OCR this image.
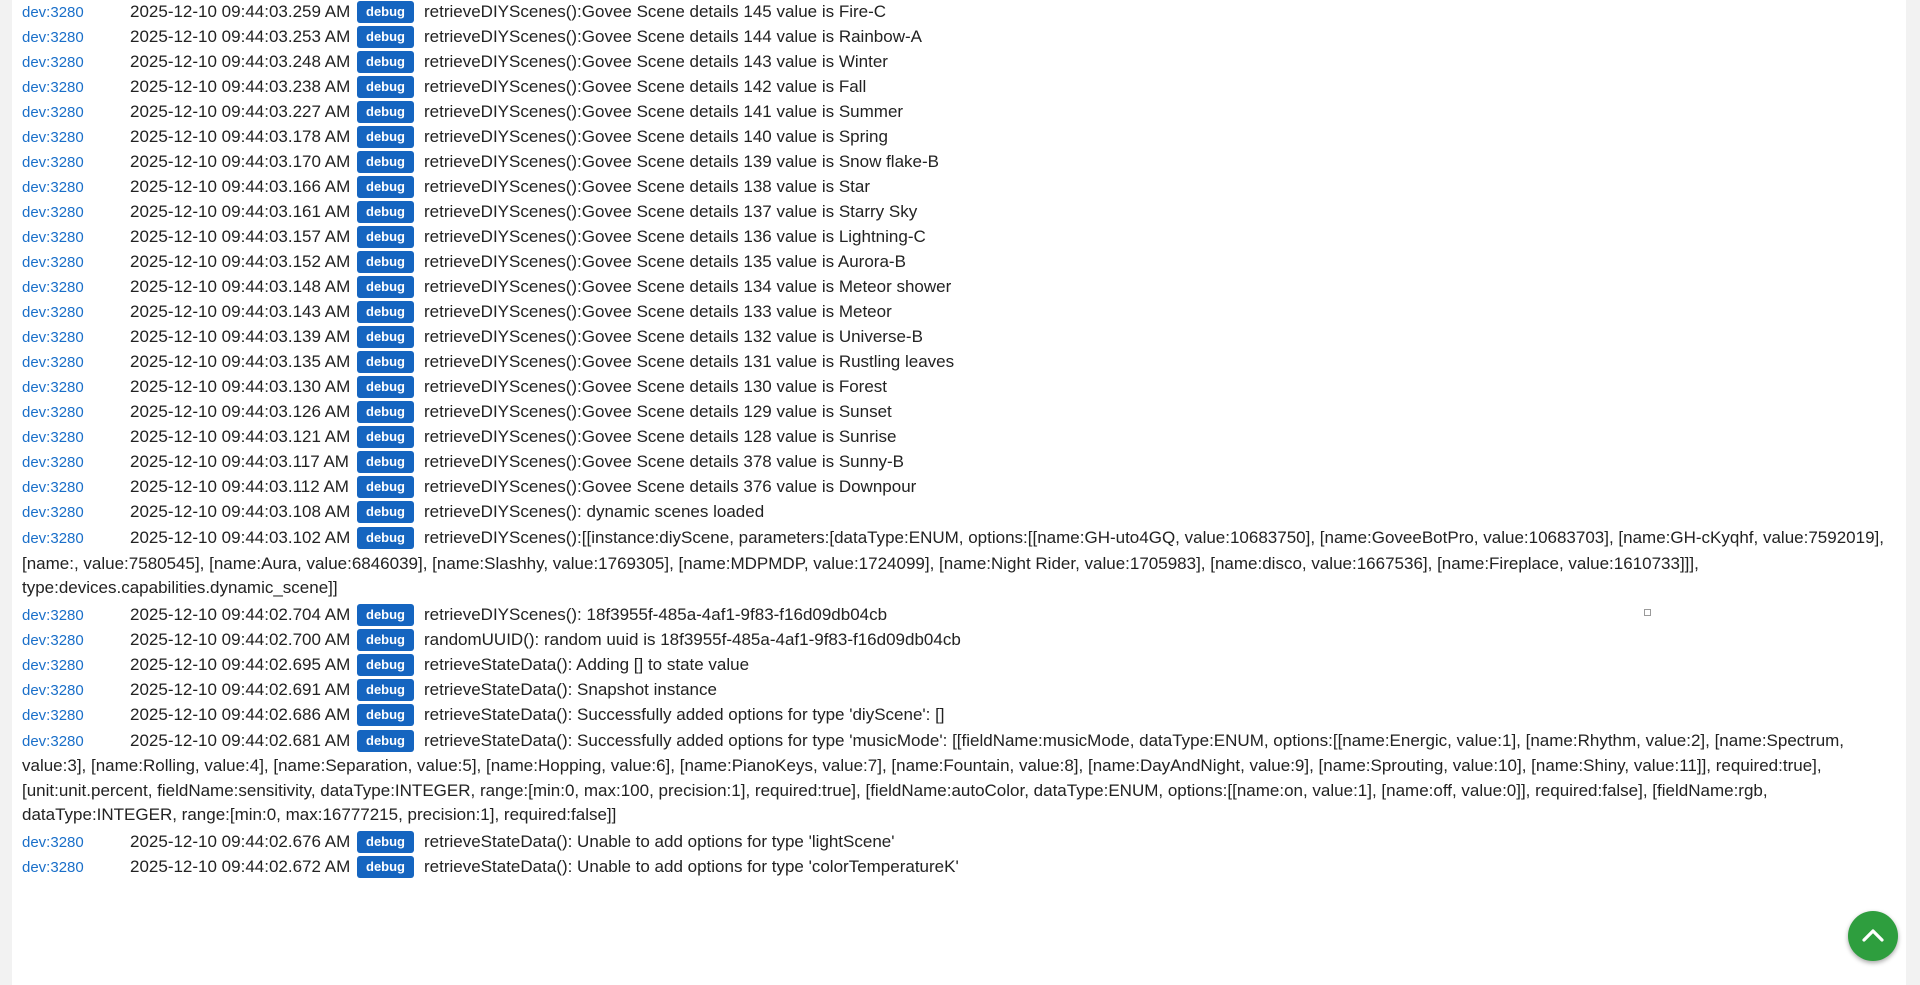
dev:3280	2025-12-10 09:44:03.259 AM debug retrieveDIYScenes():Govee Scene details 145 value is Fire-C
dev:3280	2025-12-10 09:44:03.253 AM debug retrieveDIYScenes():Govee Scene details 144 value is Rainbow-A
dev:3280	2025-12-10 09:44:03.248 AM debug retrieveDIYScenes():Govee Scene details 143 value is Winter
dev:3280	2025-12-10 09:44:03.238 AM debug retrieveDIYScenes():Govee Scene details 142 value is Fall
dev:3280	2025-12-10 09:44:03.227 AM debug retrieveDIYScenes():Govee Scene details 141 value is Summer
dev:3280	2025-12-10 09:44:03.178 AM debug retrieveDIYScenes():Govee Scene details 140 value is Spring
dev:3280	2025-12-10 09:44:03.170 AM debug retrieveDIYScenes():Govee Scene details 139 value is Snow flake-B
dev:3280	2025-12-10 09:44:03.166 AM debug retrieveDIYScenes():Govee Scene details 138 value is Star
dev:3280	2025-12-10 09:44:03.161 AM debug retrieveDIYScenes():Govee Scene details 137 value is Starry Sky
dev:3280	2025-12-10 09:44:03.157 AM debug retrieveDIYScenes():Govee Scene details 136 value is Lightning-C
dev:3280	2025-12-10 09:44:03.152 AM debug retrieveDIYScenes():Govee Scene details 135 value is Aurora-B
dev:3280	2025-12-10 09:44:03.148 AM debug retrieveDIYScenes():Govee Scene details 134 value is Meteor shower
dev:3280	2025-12-10 09:44:03.143 AM debug retrieveDIYScenes():Govee Scene details 133 value is Meteor
dev:3280	2025-12-10 09:44:03.139 AM debug retrieveDIYScenes():Govee Scene details 132 value is Universe-B
dev:3280	2025-12-10 09:44:03.135 AM debug retrieveDIYScenes():Govee Scene details 131 value is Rustling leaves
dev:3280	2025-12-10 09:44:03.130 AM debug retrieveDIYScenes():Govee Scene details 130 value is Forest
dev:3280	2025-12-10 09:44:03.126 AM debug retrieveDIYScenes():Govee Scene details 129 value is Sunset
dev:3280	2025-12-10 09:44:03.121 AM debug retrieveDIYScenes():Govee Scene details 128 value is Sunrise
dev:3280	2025-12-10 09:44:03.117 AM debug retrieveDIYScenes():Govee Scene details 378 value is Sunny-B
dev:3280	2025-12-10 09:44:03.112 AM debug retrieveDIYScenes():Govee Scene details 376 value is Downpour
dev:3280	2025-12-10 09:44:03.108 AM debug retrieveDIYScenes(): dynamic scenes loaded
dev:3280	2025-12-10 09:44:03.102 AM debug retrieveDIYScenes():[[instance:diyScene, parameters:[dataType:ENUM, options:[[name:GH-uto4GQ, value:10683750], [name:GoveeBotPro, value:10683703], [name:GH-cKyqhf, value:7592019], [name:, value:7580545], [name:Aura, value:6846039], [name:Slashhy, value:1769305], [name:MDPMDP, value:1724099], [name:Night Rider, value:1705983], [name:disco, value:1667536], [name:Fireplace, value:1610733]]], type:devices.capabilities.dynamic_scene]]
dev:3280	2025-12-10 09:44:02.704 AM debug retrieveDIYScenes(): 18f3955f-485a-4af1-9f83-f16d09db04cb
dev:3280	2025-12-10 09:44:02.700 AM debug randomUUID(): random uuid is 18f3955f-485a-4af1-9f83-f16d09db04cb
dev:3280	2025-12-10 09:44:02.695 AM debug retrieveStateData(): Adding [] to state value
dev:3280	2025-12-10 09:44:02.691 AM debug retrieveStateData(): Snapshot instance
dev:3280	2025-12-10 09:44:02.686 AM debug retrieveStateData(): Successfully added options for type 'diyScene': []
dev:3280	2025-12-10 09:44:02.681 AM debug retrieveStateData(): Successfully added options for type 'musicMode': [[fieldName:musicMode, dataType:ENUM, options:[[name:Energic, value:1], [name:Rhythm, value:2], [name:Spectrum, value:3], [name:Rolling, value:4], [name:Separation, value:5], [name:Hopping, value:6], [name:PianoKeys, value:7], [name:Fountain, value:8], [name:DayAndNight, value:9], [name:Sprouting, value:10], [name:Shiny, value:11]], required:true], [unit:unit.percent, fieldName:sensitivity, dataType:INTEGER, range:[min:0, max:100, precision:1], required:true], [fieldName:autoColor, dataType:ENUM, options:[[name:on, value:1], [name:off, value:0]], required:false], [fieldName:rgb, dataType:INTEGER, range:[min:0, max:16777215, precision:1], required:false]]
dev:3280	2025-12-10 09:44:02.676 AM debug retrieveStateData(): Unable to add options for type 'lightScene'
dev:3280	2025-12-10 09:44:02.672 AM debug retrieveStateData(): Unable to add options for type 'colorTemperatureK'
